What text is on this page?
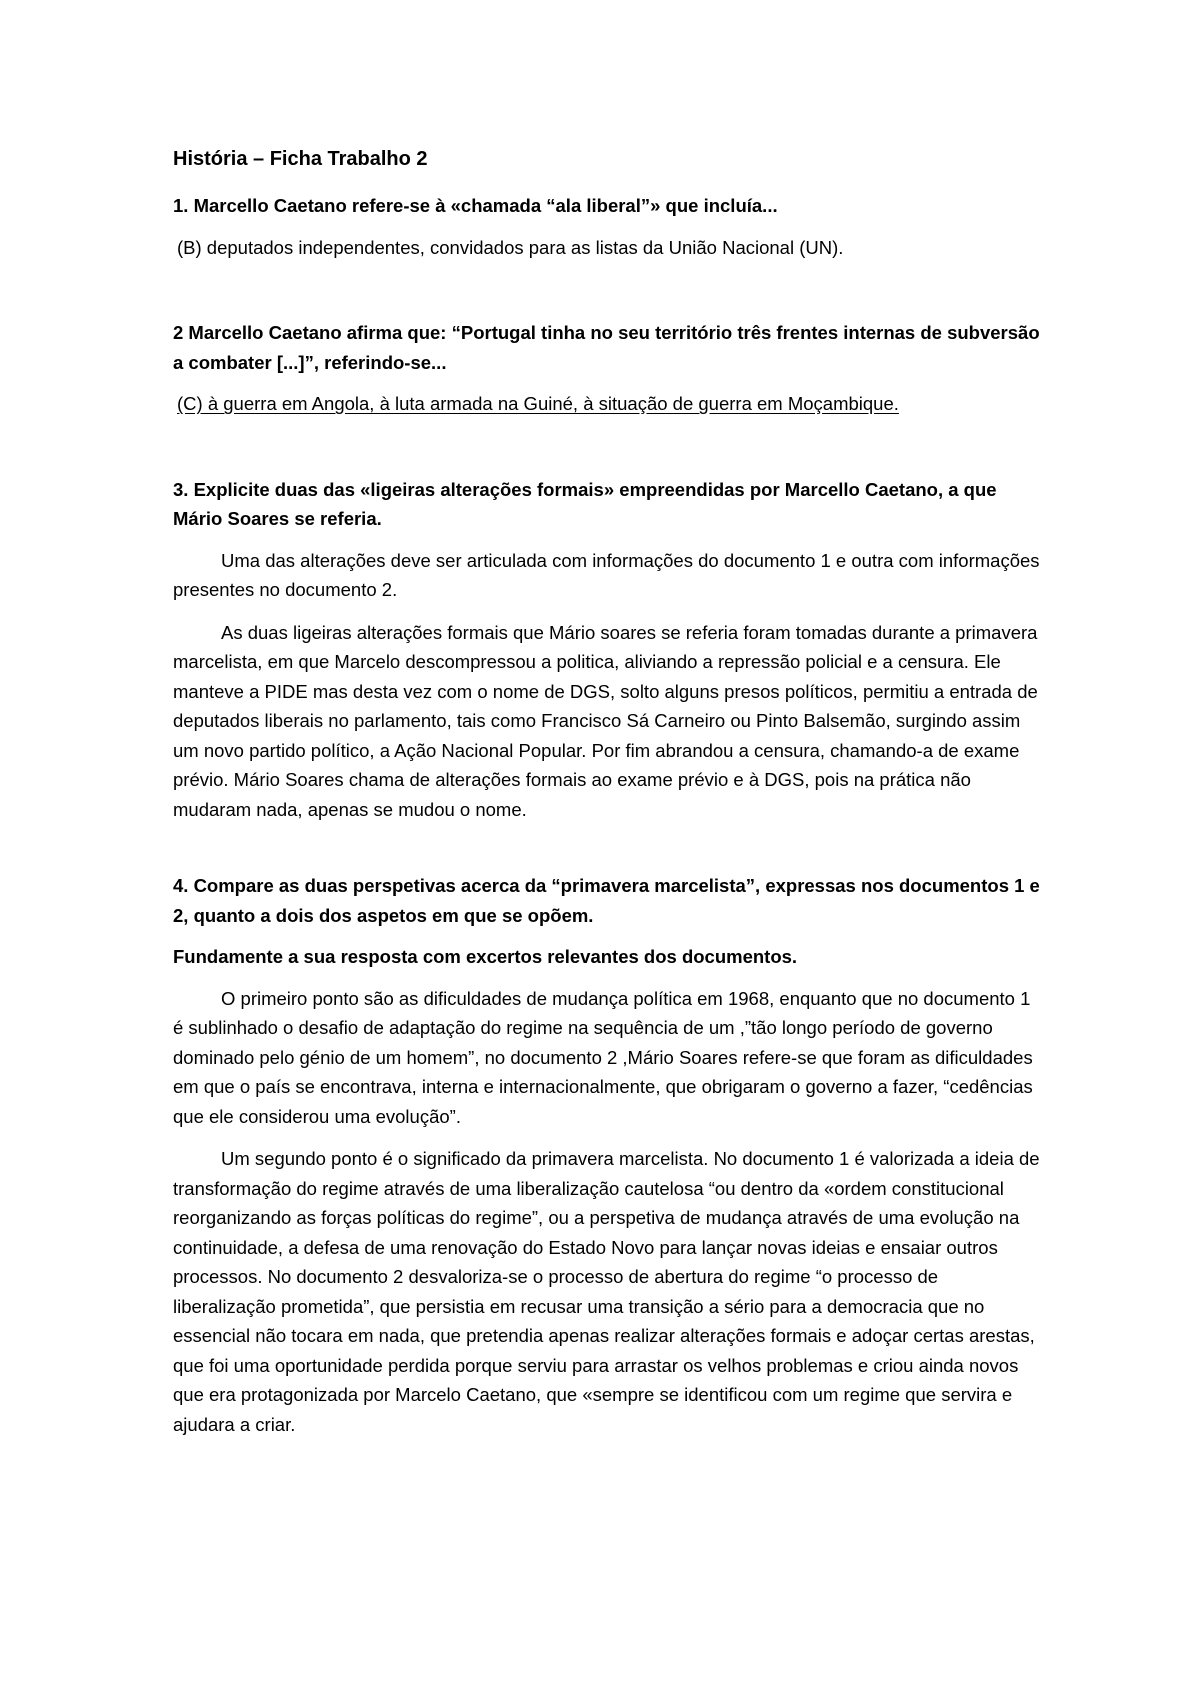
História – Ficha Trabalho 2
1. Marcello Caetano refere-se à «chamada “ala liberal”» que incluía...
(B) deputados independentes, convidados para as listas da União Nacional (UN).
2 Marcello Caetano afirma que: “Portugal tinha no seu território três frentes internas de subversão a combater [...]”, referindo-se...
(C) à guerra em Angola, à luta armada na Guiné, à situação de guerra em Moçambique.
3. Explicite duas das «ligeiras alterações formais» empreendidas por Marcello Caetano, a que Mário Soares se referia.
Uma das alterações deve ser articulada com informações do documento 1 e outra com informações presentes no documento 2.
As duas ligeiras alterações formais que Mário soares se referia foram tomadas durante a primavera marcelista, em que Marcelo descompressou a politica, aliviando a repressão policial e a censura. Ele manteve a PIDE mas desta vez com o nome de DGS, solto alguns presos políticos, permitiu a entrada de deputados liberais no parlamento, tais como Francisco Sá Carneiro ou Pinto Balsemão, surgindo assim um novo partido político, a Ação Nacional Popular. Por fim abrandou a censura, chamando-a de exame prévio. Mário Soares chama de alterações formais ao exame prévio e à DGS, pois na prática não mudaram nada, apenas se mudou o nome.
4. Compare as duas perspetivas acerca da “primavera marcelista”, expressas nos documentos 1 e 2, quanto a dois dos aspetos em que se opõem.
Fundamente a sua resposta com excertos relevantes dos documentos.
O primeiro ponto são as dificuldades de mudança política em 1968, enquanto que no documento 1 é sublinhado o desafio de adaptação do regime na sequência de um ,”tão longo período de governo dominado pelo génio de um homem”, no documento 2 ,Mário Soares refere-se que foram as dificuldades em que o país se encontrava, interna e internacionalmente, que obrigaram o governo a fazer, “cedências que ele considerou uma evolução”.
Um segundo ponto é o significado da primavera marcelista. No documento 1 é valorizada a ideia de transformação do regime através de uma liberalização cautelosa “ou dentro da «ordem constitucional reorganizando as forças políticas do regime”, ou a perspetiva de mudança através de uma evolução na continuidade, a defesa de uma renovação do Estado Novo para lançar novas ideias e ensaiar outros processos. No documento 2 desvaloriza-se o processo de abertura do regime “o processo de liberalização prometida”, que persistia em recusar uma transição a sério para a democracia que no essencial não tocara em nada, que pretendia apenas realizar alterações formais e adoçar certas arestas, que foi uma oportunidade perdida porque serviu para arrastar os velhos problemas e criou ainda novos que era protagonizada por Marcelo Caetano, que «sempre se identificou com um regime que servira e ajudara a criar.
